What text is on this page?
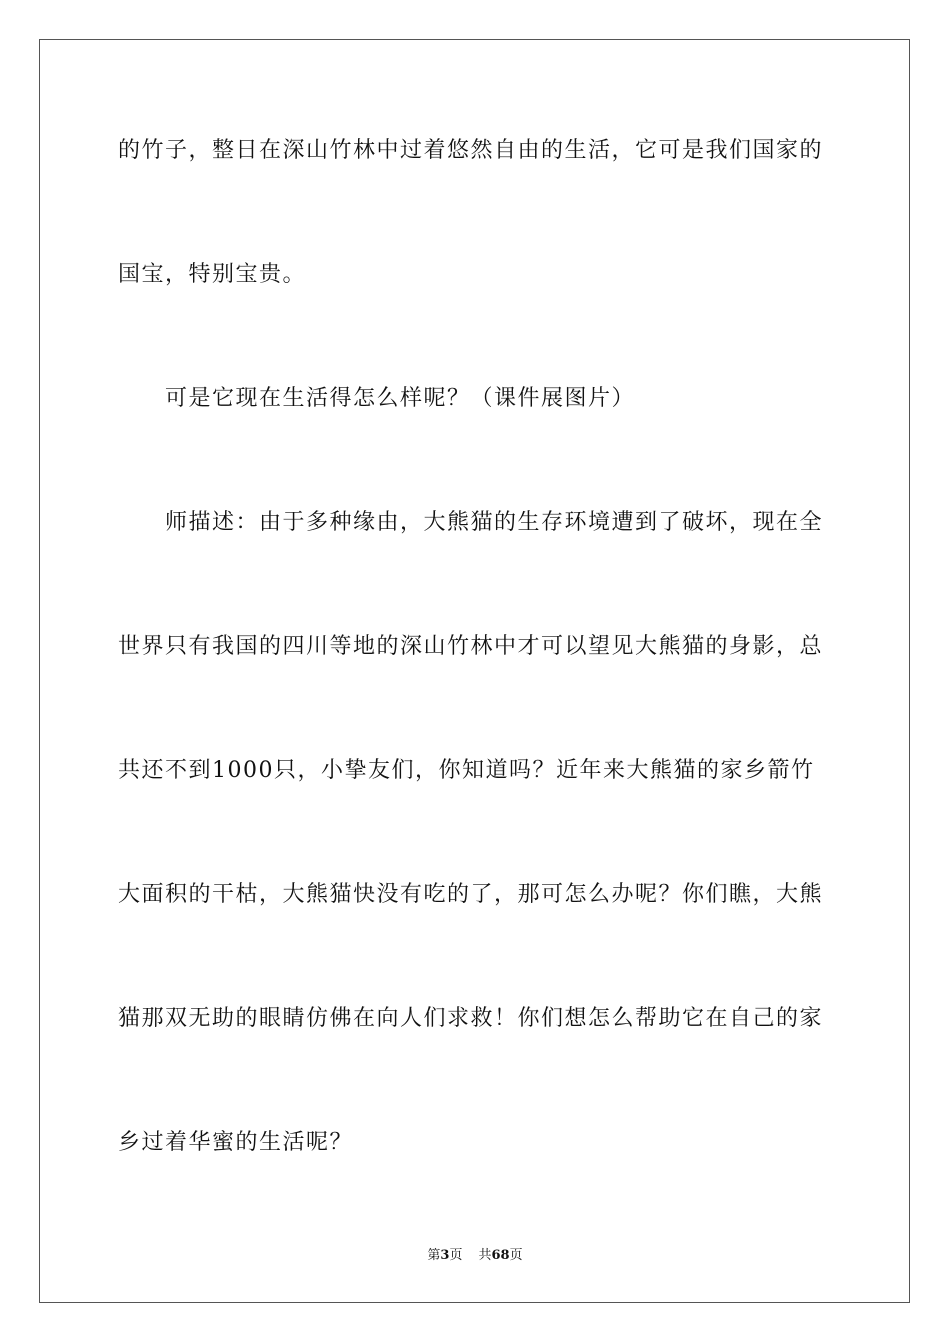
的竹子，整日在深山竹林中过着悠然自由的生活，它可是我们国家的
国宝，特别宝贵。
可是它现在生活得怎么样呢？（课件展图片）
师描述：由于多种缘由，大熊猫的生存环境遭到了破坏，现在全
世界只有我国的四川等地的深山竹林中才可以望见大熊猫的身影，总
共还不到1000只，小挚友们，你知道吗？近年来大熊猫的家乡箭竹
大面积的干枯，大熊猫快没有吃的了，那可怎么办呢？你们瞧，大熊
猫那双无助的眼睛仿佛在向人们求救！你们想怎么帮助它在自己的家
乡过着华蜜的生活呢？
第3页 共68页
